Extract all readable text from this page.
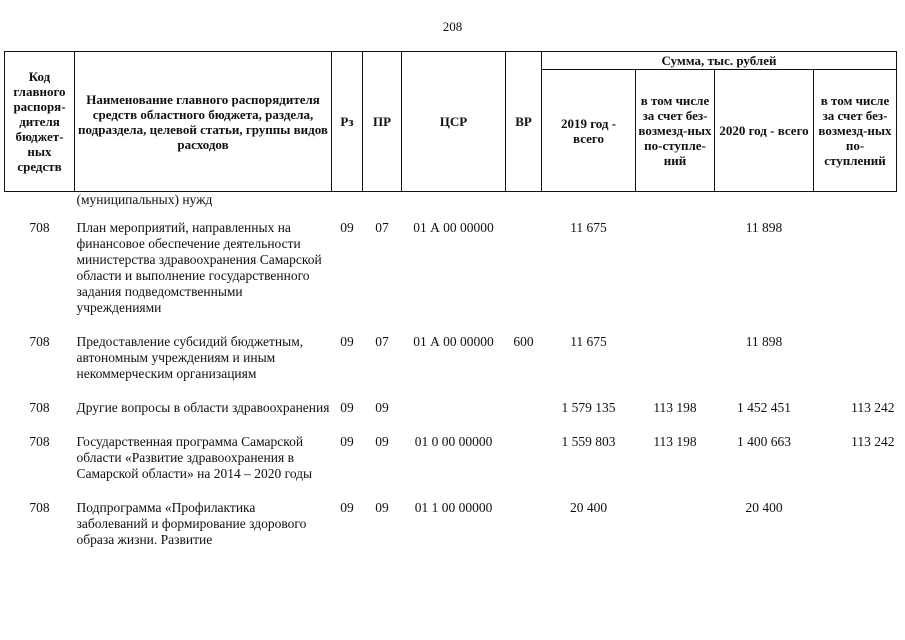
208
Код главного распоря-дителя бюджет-ных средств	Наименование главного распорядителя средств областного бюджета, раздела, подраздела, целевой статьи, группы видов расходов	Рз	ПР	ЦСР	ВР	Сумма, тыс. рублей			
						2019 год - всего	в том числе за счет без-возмезд-ных по-ступле-ний	2020 год - всего	в том числе за счет без-возмезд-ных по-ступлений
	(муниципальных) нужд								
708	План мероприятий, направленных на финансовое обеспечение деятельности министерства здравоохранения Самарской области и выполнение государственного задания подведомственными учреждениями	09	07	01 А 00 00000		11 675		11 898	
708	Предоставление субсидий бюджетным, автономным учреждениям и иным некоммерческим организациям	09	07	01 А 00 00000	600	11 675		11 898	
708	Другие вопросы в области здравоохранения	09	09			1 579 135	113 198	1 452 451	113 242
708	Государственная программа Самарской области «Развитие здравоохранения в Самарской области» на 2014 – 2020 годы	09	09	01 0 00 00000		1 559 803	113 198	1 400 663	113 242
708	Подпрограмма «Профилактика заболеваний и формирование здорового образа жизни. Развитие	09	09	01 1 00 00000		20 400		20 400	
